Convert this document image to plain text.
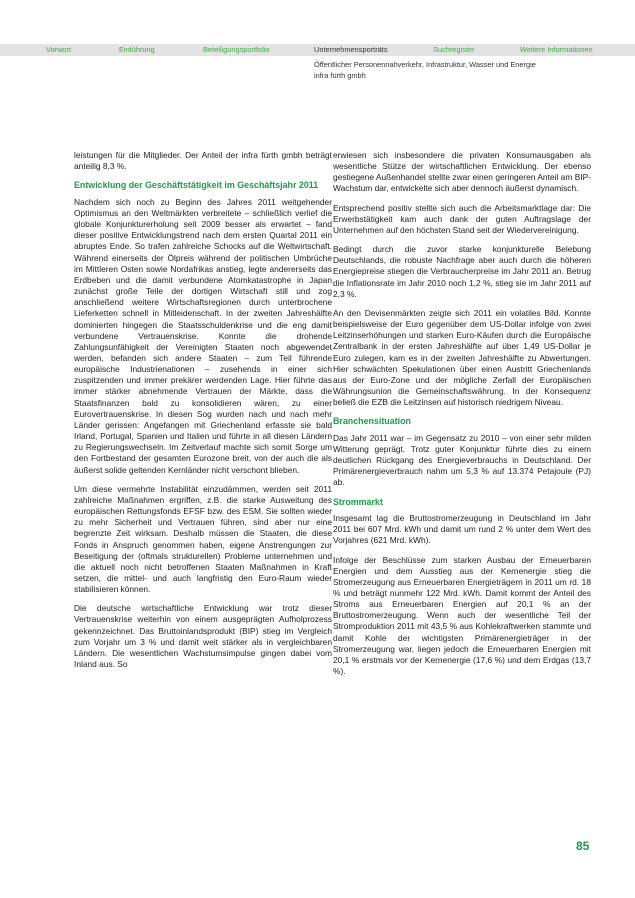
Vorwort	Einführung	Beteiligungsportfolio	Unternehmensporträts	Suchregister	Weitere Informationen
Öffentlicher Personennahverkehr, Infrastruktur, Wasser und Energie
infra fürth gmbh

leistungen für die Mitglieder. Der Anteil der infra fürth gmbh beträgt anteilig 8,3 %.

Entwicklung der Geschäftstätigkeit im Geschäftsjahr 2011

Nachdem sich noch zu Beginn des Jahres 2011 weitgehender Optimismus an den Weltmärkten verbreitete – schließlich verlief die globale Konjunkturerholung seit 2009 besser als erwartet – fand dieser positive Entwicklungstrend nach dem ersten Quartal 2011 ein abruptes Ende. So trafen zahlreiche Schocks auf die Weltwirtschaft. Während einerseits der Ölpreis während der politischen Umbrüche im Mittleren Osten sowie Nordafrikas anstieg, legte andererseits das Erdbeben und die damit verbundene Atomkatastrophe in Japan zunächst große Teile der dortigen Wirtschaft still und zog anschließend weitere Wirtschaftsregionen durch unterbrochene Lieferketten schnell in Mitleidenschaft. In der zweiten Jahreshälfte dominierten hingegen die Staatsschuldenkrise und die eng damit verbundene Vertrauenskrise. Konnte die drohende Zahlungsunfähigkeit der Vereinigten Staaten noch abgewendet werden, befanden sich andere Staaten – zum Teil führende europäische Industrienationen – zusehends in einer sich zuspitzenden und immer prekärer werdenden Lage. Hier führte das immer stärker abnehmende Vertrauen der Märkte, dass die Staatsfinanzen bald zu konsolidieren wären, zu einer Eurovertrauenskrise. In diesen Sog wurden nach und nach mehr Länder gerissen: Angefangen mit Griechenland erfasste sie bald Irland, Portugal, Spanien und Italien und führte in all diesen Ländern zu Regierungswechseln. Im Zeitverlauf machte sich somit Sorge um den Fortbestand der gesamten Eurozone breit, von der auch die als äußerst solide geltenden Kernländer nicht verschont blieben.

Um diese vermehrte Instabilität einzudämmen, werden seit 2011 zahlreiche Maßnahmen ergriffen, z.B. die starke Ausweitung des europäischen Rettungsfonds EFSF bzw. des ESM. Sie sollten wieder zu mehr Sicherheit und Vertrauen führen, sind aber nur eine begrenzte Zeit wirksam. Deshalb müssen die Staaten, die diese Fonds in Anspruch genommen haben, eigene Anstrengungen zur Beseitigung der (oftmals strukturellen) Probleme unternehmen und die aktuell noch nicht betroffenen Staaten Maßnahmen in Kraft setzen, die mittel- und auch langfristig den Euro-Raum wieder stabilisieren können.

Die deutsche wirtschaftliche Entwicklung war trotz dieser Vertrauenskrise weiterhin von einem ausgeprägten Aufholprozess gekennzeichnet. Das Bruttoinlandsprodukt (BIP) stieg im Vergleich zum Vorjahr um 3 % und damit weit stärker als in vergleichbaren Ländern. Die wesentlichen Wachstumsimpulse gingen dabei vom Inland aus. So

erwiesen sich insbesondere die privaten Konsumausgaben als wesentliche Stütze der wirtschaftlichen Entwicklung. Der ebenso gestiegene Außenhandel stellte zwar einen geringeren Anteil am BIP-Wachstum dar, entwickelte sich aber dennoch äußerst dynamisch.

Entsprechend positiv stellte sich auch die Arbeitsmarktlage dar: Die Erwerbstätigkeit kam auch dank der guten Auftragslage der Unternehmen auf den höchsten Stand seit der Wiedervereinigung.

Bedingt durch die zuvor starke konjunkturelle Belebung Deutschlands, die robuste Nachfrage aber auch durch die höheren Energiepreise stiegen die Verbraucherpreise im Jahr 2011 an. Betrug die Inflationsrate im Jahr 2010 noch 1,2 %, stieg sie im Jahr 2011 auf 2,3 %.

An den Devisenmärkten zeigte sich 2011 ein volatiles Bild. Konnte beispielsweise der Euro gegenüber dem US-Dollar infolge von zwei Leitzinserhöhungen und starken Euro-Käufen durch die Europäische Zentralbank in der ersten Jahreshälfte auf über 1,49 US-Dollar je Euro zulegen, kam es in der zweiten Jahreshälfte zu Abwertungen. Hier schwächten Spekulationen über einen Austritt Griechenlands aus der Euro-Zone und der mögliche Zerfall der Europäischen Währungsunion die Gemeinschaftswährung. In der Konsequenz beließ die EZB die Leitzinsen auf historisch niedrigem Niveau.

Branchensituation

Das Jahr 2011 war – im Gegensatz zu 2010 – von einer sehr milden Witterung geprägt. Trotz guter Konjunktur führte dies zu einem deutlichen Rückgang des Energieverbrauchs in Deutschland. Der Primärenergieverbrauch nahm um 5,3 % auf 13.374 Petajoule (PJ) ab.

Strommarkt

Insgesamt lag die Bruttostromerzeugung in Deutschland im Jahr 2011 bei 607 Mrd. kWh und damit um rund 2 % unter dem Wert des Vorjahres (621 Mrd. kWh).

Infolge der Beschlüsse zum starken Ausbau der Erneuerbaren Energien und dem Ausstieg aus der Kernenergie stieg die Stromerzeugung aus Erneuerbaren Energieträgern in 2011 um rd. 18 % und beträgt nunmehr 122 Mrd. kWh. Damit kommt der Anteil des Stroms aus Erneuerbaren Energien auf 20,1 % an der Bruttostromerzeugung. Wenn auch der wesentliche Teil der Stromproduktion 2011 mit 43,5 % aus Kohlekraftwerken stammte und damit Kohle der wichtigsten Primärenergieträger in der Stromerzeugung war, liegen jedoch die Erneuerbaren Energien mit 20,1 % erstmals vor der Kernenergie (17,6 %) und dem Erdgas (13,7 %).

85
